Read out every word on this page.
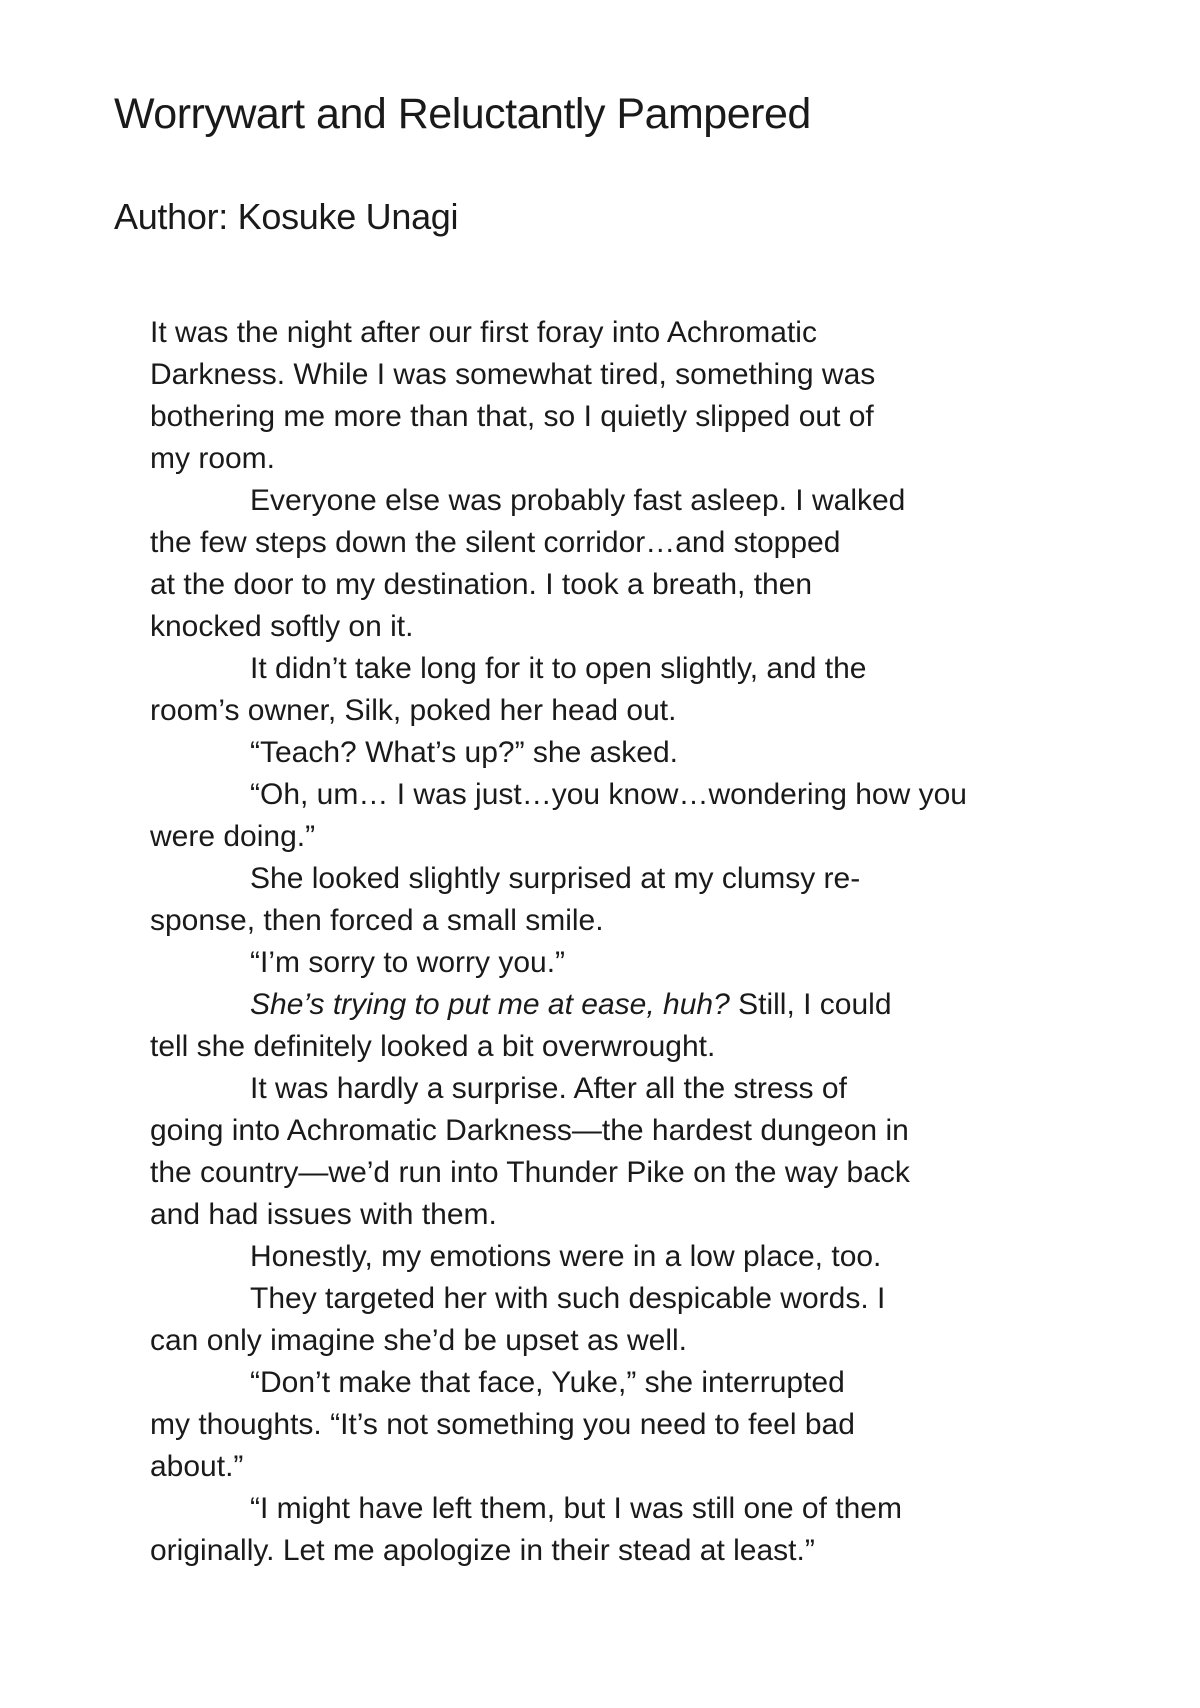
Worrywart and Reluctantly Pampered
Author: Kosuke Unagi
It was the night after our first foray into Achromatic
Darkness. While I was somewhat tired, something was
bothering me more than that, so I quietly slipped out of
my room.
Everyone else was probably fast asleep. I walked
the few steps down the silent corridor…and stopped
at the door to my destination. I took a breath, then
knocked softly on it.
It didn’t take long for it to open slightly, and the
room’s owner, Silk, poked her head out.
“Teach? What’s up?” she asked.
“Oh, um… I was just…you know…wondering how you
were doing.”
She looked slightly surprised at my clumsy re-
sponse, then forced a small smile.
“I’m sorry to worry you.”
She’s trying to put me at ease, huh? Still, I could
tell she definitely looked a bit overwrought.
It was hardly a surprise. After all the stress of
going into Achromatic Darkness—the hardest dungeon in
the country—we’d run into Thunder Pike on the way back
and had issues with them.
Honestly, my emotions were in a low place, too.
They targeted her with such despicable words. I
can only imagine she’d be upset as well.
“Don’t make that face, Yuke,” she interrupted
my thoughts. “It’s not something you need to feel bad
about.”
“I might have left them, but I was still one of them
originally. Let me apologize in their stead at least.”
